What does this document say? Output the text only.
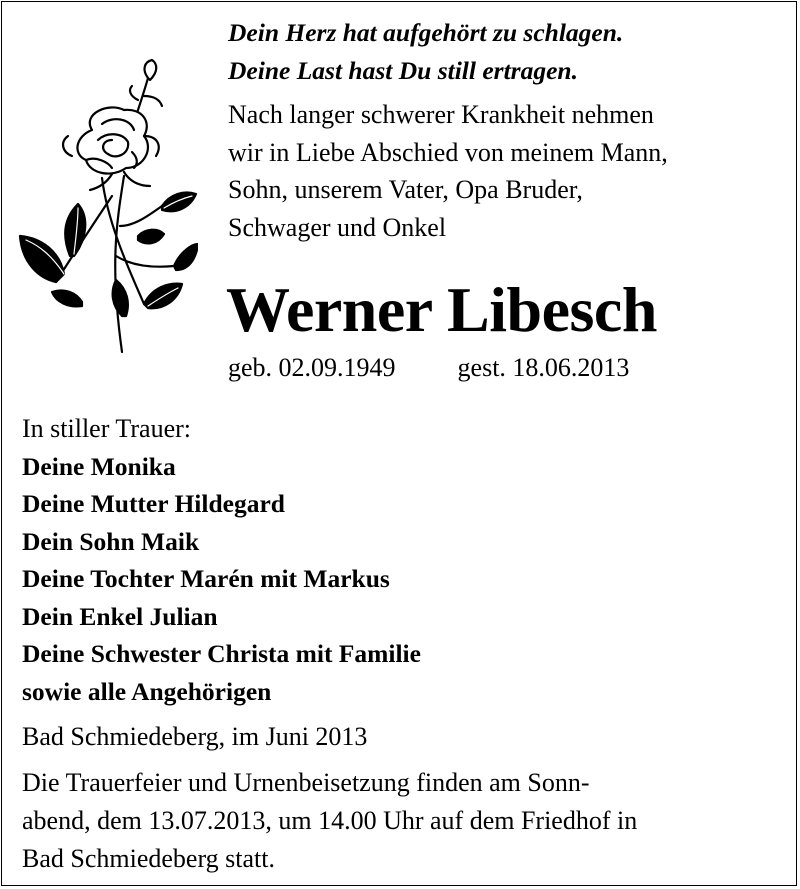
Dein Herz hat aufgehört zu schlagen.
Deine Last hast Du still ertragen.
Nach langer schwerer Krankheit nehmen
wir in Liebe Abschied von meinem Mann,
Sohn, unserem Vater, Opa Bruder,
Schwager und Onkel
Werner Libesch
geb. 02.09.1949 gest. 18.06.2013
In stiller Trauer:
Deine Monika
Deine Mutter Hildegard
Dein Sohn Maik
Deine Tochter Marén mit Markus
Dein Enkel Julian
Deine Schwester Christa mit Familie
sowie alle Angehörigen
Bad Schmiedeberg, im Juni 2013
Die Trauerfeier und Urnenbeisetzung finden am Sonn-
abend, dem 13.07.2013, um 14.00 Uhr auf dem Friedhof in
Bad Schmiedeberg statt.
